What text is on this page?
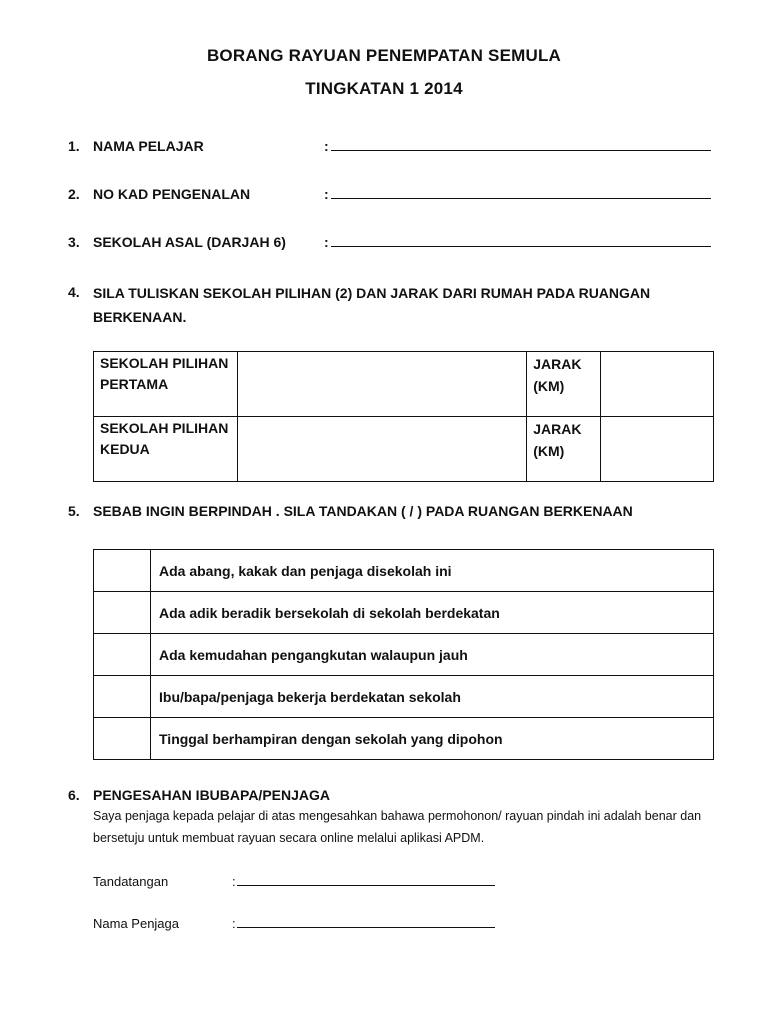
BORANG RAYUAN PENEMPATAN SEMULA
TINGKATAN 1 2014
1. NAMA PELAJAR	:
2. NO KAD PENGENALAN	:
3. SEKOLAH ASAL (DARJAH 6)	:
4. SILA TULISKAN SEKOLAH PILIHAN (2) DAN JARAK DARI RUMAH PADA RUANGAN BERKENAAN.
SEKOLAH PILIHAN PERTAMA		JARAK (KM)	
SEKOLAH PILIHAN KEDUA		JARAK (KM)	
5. SEBAB INGIN BERPINDAH . SILA TANDAKAN ( / ) PADA RUANGAN BERKENAAN
	Ada abang, kakak dan penjaga disekolah ini
	Ada adik beradik bersekolah di sekolah berdekatan
	Ada kemudahan pengangkutan walaupun jauh
	Ibu/bapa/penjaga bekerja berdekatan sekolah
	Tinggal berhampiran dengan sekolah yang dipohon
6. PENGESAHAN IBUBAPA/PENJAGA
Saya penjaga kepada pelajar di atas mengesahkan bahawa permohonon/ rayuan pindah ini adalah benar dan bersetuju untuk membuat rayuan secara online melalui aplikasi APDM.
Tandatangan	:
Nama Penjaga	:
